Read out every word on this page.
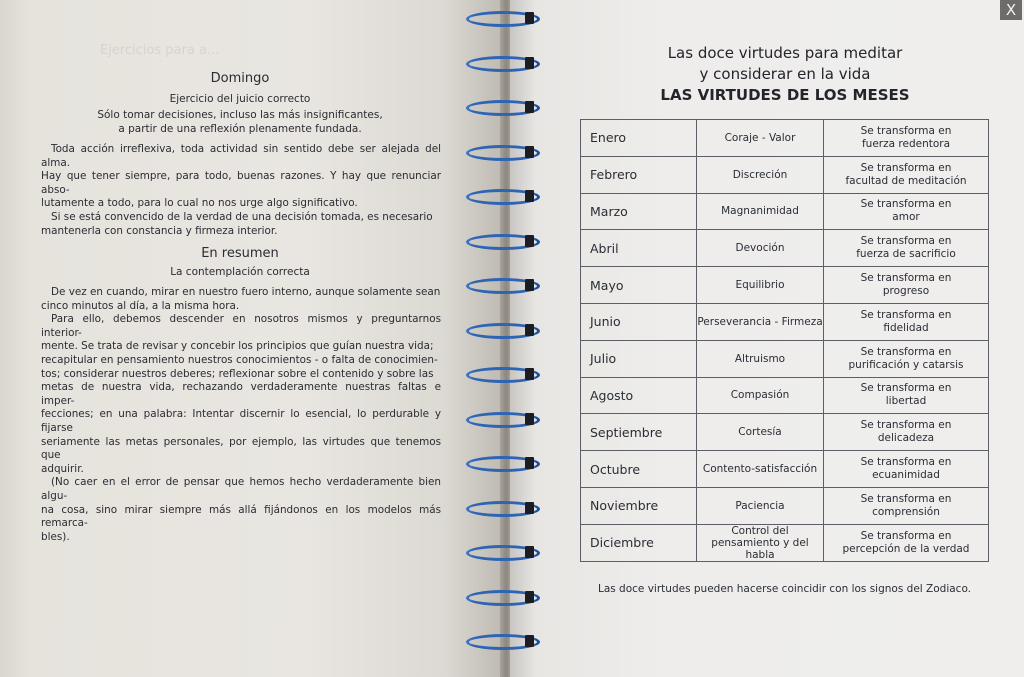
Ejercicios para a...
Domingo
Ejercicio del juicio correcto
Sólo tomar decisiones, incluso las más insignificantes,
a partir de una reflexión plenamente fundada.
Toda acción irreflexiva, toda actividad sin sentido debe ser alejada del alma.
Hay que tener siempre, para todo, buenas razones. Y hay que renunciar abso-
lutamente a todo, para lo cual no nos urge algo significativo.
Si se está convencido de la verdad de una decisión tomada, es necesario
mantenerla con constancia y firmeza interior.
En resumen
La contemplación correcta
De vez en cuando, mirar en nuestro fuero interno, aunque solamente sean
cinco minutos al día, a la misma hora.
Para ello, debemos descender en nosotros mismos y preguntarnos interior-
mente. Se trata de revisar y concebir los principios que guían nuestra vida;
recapitular en pensamiento nuestros conocimientos - o falta de conocimien-
tos; considerar nuestros deberes; reflexionar sobre el contenido y sobre las
metas de nuestra vida, rechazando verdaderamente nuestras faltas e imper-
fecciones; en una palabra: Intentar discernir lo esencial, lo perdurable y fijarse
seriamente las metas personales, por ejemplo, las virtudes que tenemos que
adquirir.
(No caer en el error de pensar que hemos hecho verdaderamente bien algu-
na cosa, sino mirar siempre más allá fijándonos en los modelos más remarca-
bles).
Las doce virtudes para meditar
y considerar en la vida
LAS VIRTUDES DE LOS MESES
Enero	Coraje - Valor	Se transforma en
fuerza redentora

Febrero	Discreción	Se transforma en
facultad de meditación

Marzo	Magnanimidad	Se transforma en
amor

Abril	Devoción	Se transforma en
fuerza de sacrificio

Mayo	Equilibrio	Se transforma en
progreso

Junio	Perseverancia - Firmeza	Se transforma en
fidelidad

Julio	Altruismo	Se transforma en
purificación y catarsis

Agosto	Compasión	Se transforma en
libertad

Septiembre	Cortesía	Se transforma en
delicadeza

Octubre	Contento-satisfacción	Se transforma en
ecuanimidad

Noviembre	Paciencia	Se transforma en
comprensión

Diciembre	Control del pensamiento y del habla	Se transforma en
percepción de la verdad
Las doce virtudes pueden hacerse coincidir con los signos del Zodiaco.
X
